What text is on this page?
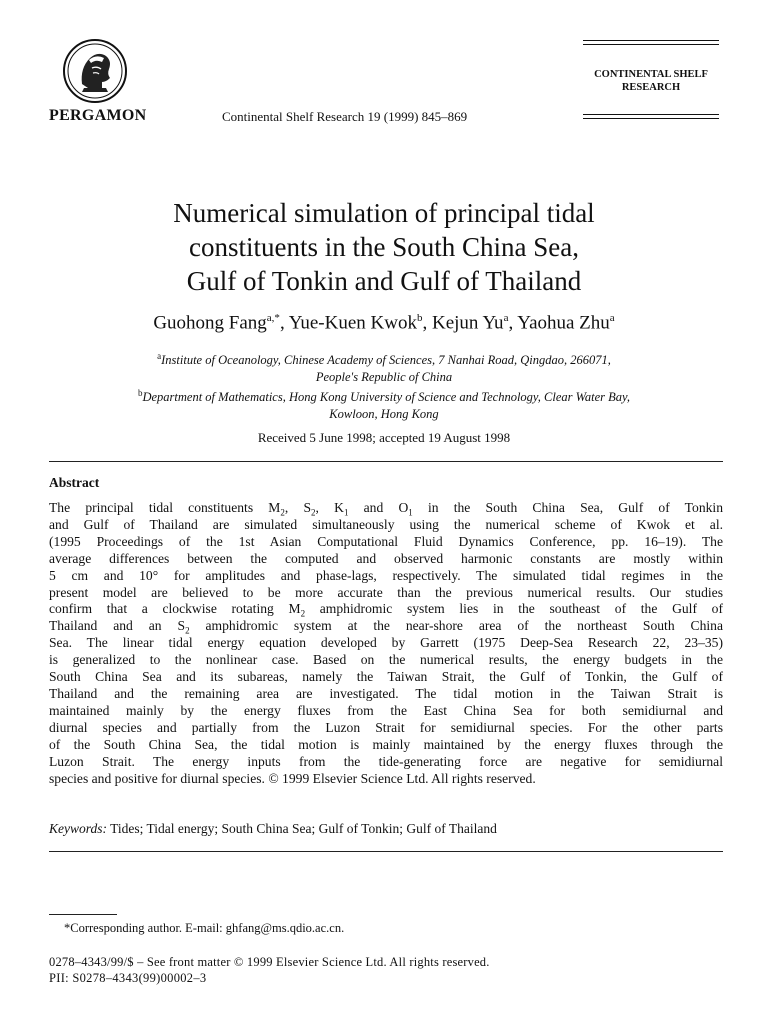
PERGAMON	Continental Shelf Research 19 (1999) 845–869
CONTINENTAL SHELF
RESEARCH
Numerical simulation of principal tidal
constituents in the South China Sea,
Gulf of Tonkin and Gulf of Thailand
Guohong Fang$^{a,*}$, Yue-Kuen Kwok$^b$, Kejun Yu$^a$, Yaohua Zhu$^a$
$^a$Institute of Oceanology, Chinese Academy of Sciences, 7 Nanhai Road, Qingdao, 266071,
People's Republic of China
$^b$Department of Mathematics, Hong Kong University of Science and Technology, Clear Water Bay,
Kowloon, Hong Kong
Received 5 June 1998; accepted 19 August 1998
Abstract
The principal tidal constituents $M_2$, $S_2$, $K_1$ and $O_1$ in the South China Sea, Gulf of Tonkin
and Gulf of Thailand are simulated simultaneously using the numerical scheme of Kwok et al.
(1995 Proceedings of the 1st Asian Computational Fluid Dynamics Conference, pp. 16–19). The
average differences between the computed and observed harmonic constants are mostly within
5 cm and 10° for amplitudes and phase-lags, respectively. The simulated tidal regimes in the
present model are believed to be more accurate than the previous numerical results. Our studies
confirm that a clockwise rotating $M_2$ amphidromic system lies in the southeast of the Gulf of
Thailand and an $S_2$ amphidromic system at the near-shore area of the northeast South China
Sea. The linear tidal energy equation developed by Garrett (1975 Deep-Sea Research 22, 23–35)
is generalized to the nonlinear case. Based on the numerical results, the energy budgets in the
South China Sea and its subareas, namely the Taiwan Strait, the Gulf of Tonkin, the Gulf of
Thailand and the remaining area are investigated. The tidal motion in the Taiwan Strait is
maintained mainly by the energy fluxes from the East China Sea for both semidiurnal and
diurnal species and partially from the Luzon Strait for semidiurnal species. For the other parts
of the South China Sea, the tidal motion is mainly maintained by the energy fluxes through the
Luzon Strait. The energy inputs from the tide-generating force are negative for semidiurnal
species and positive for diurnal species. © 1999 Elsevier Science Ltd. All rights reserved.
Keywords: Tides; Tidal energy; South China Sea; Gulf of Tonkin; Gulf of Thailand
*Corresponding author. E-mail: ghfang@ms.qdio.ac.cn.
0278–4343/99/$ – See front matter © 1999 Elsevier Science Ltd. All rights reserved.
PII: S0278–4343(99)00002–3
